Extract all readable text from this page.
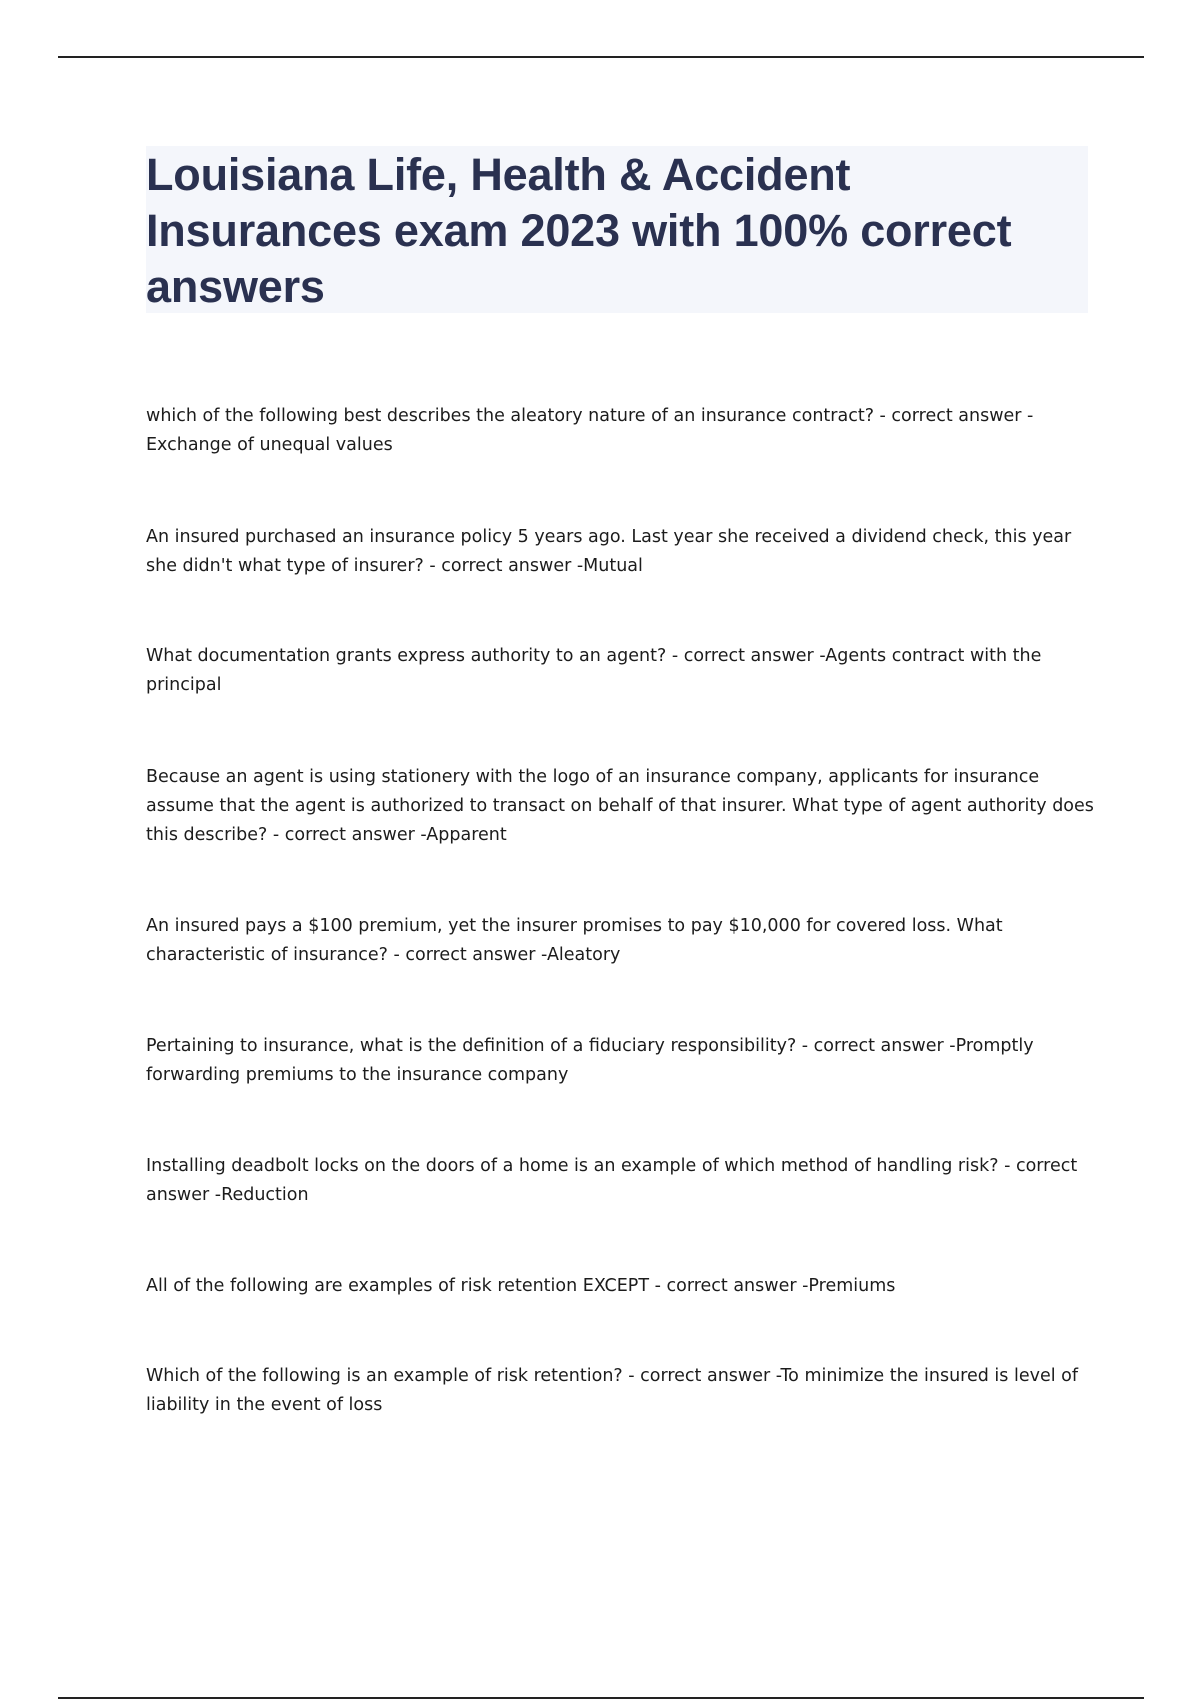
Louisiana Life, Health & Accident Insurances exam 2023 with 100% correct answers

which of the following best describes the aleatory nature of an insurance contract? - correct answer -Exchange of unequal values

An insured purchased an insurance policy 5 years ago. Last year she received a dividend check, this year she didn't what type of insurer? - correct answer -Mutual

What documentation grants express authority to an agent? - correct answer -Agents contract with the principal

Because an agent is using stationery with the logo of an insurance company, applicants for insurance assume that the agent is authorized to transact on behalf of that insurer. What type of agent authority does this describe? - correct answer -Apparent

An insured pays a $100 premium, yet the insurer promises to pay $10,000 for covered loss. What characteristic of insurance? - correct answer -Aleatory

Pertaining to insurance, what is the definition of a fiduciary responsibility? - correct answer -Promptly forwarding premiums to the insurance company

Installing deadbolt locks on the doors of a home is an example of which method of handling risk? - correct answer -Reduction

All of the following are examples of risk retention EXCEPT - correct answer -Premiums

Which of the following is an example of risk retention? - correct answer -To minimize the insured is level of liability in the event of loss
